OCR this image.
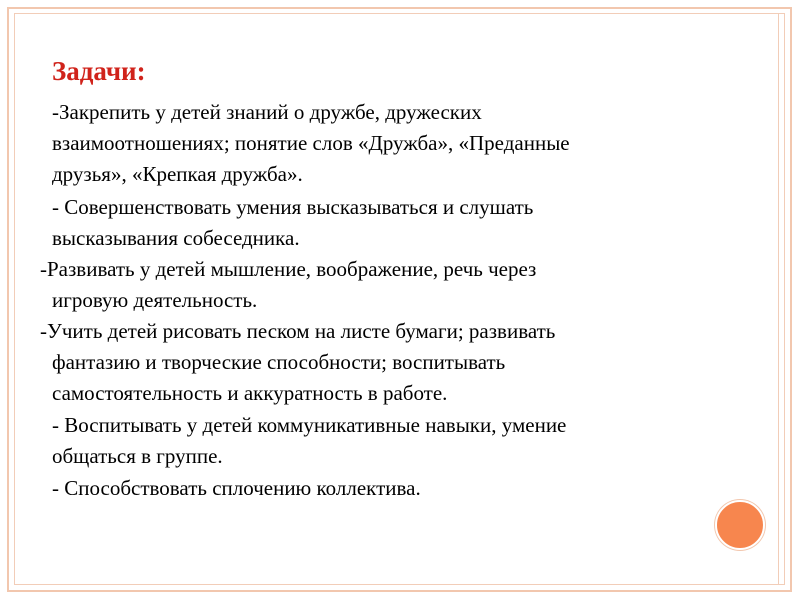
Задачи:
-Закрепить у детей знаний о дружбе, дружеских
взаимоотношениях; понятие слов «Дружба», «Преданные
друзья», «Крепкая дружба».
- Совершенствовать умения высказываться и слушать
высказывания собеседника.
-Развивать у детей мышление, воображение, речь через
игровую деятельность.
-Учить детей рисовать песком на листе бумаги; развивать
фантазию и творческие способности; воспитывать
самостоятельность и аккуратность в работе.
- Воспитывать у детей коммуникативные навыки, умение
общаться в группе.
- Способствовать сплочению коллектива.
